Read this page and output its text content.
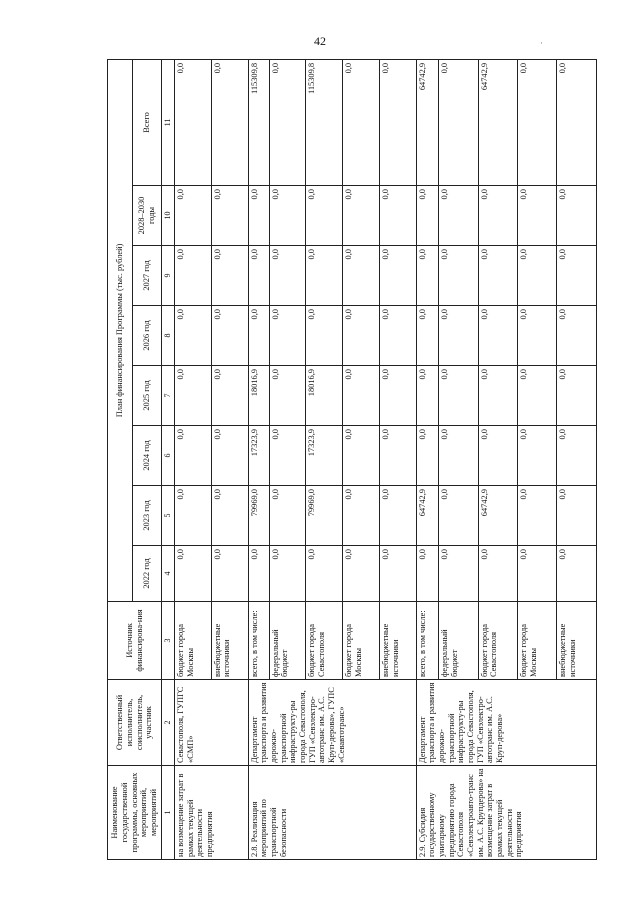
42	·
Наименование государственной программы, основных мероприятий, мероприятий	Ответственный исполнитель, соисполнитель, участник	Источник финансирова-ния	План финансирования Программы (тыс. рублей)							
			2022 год	2023 год	2024 год	2025 год	2026 год	2027 год	2028–2030 годы	Всего
1	2	3	4	5	6	7	8	9	10	11
на возмещение затрат в рамках текущей деятельности предприятия	Севастополя, ГУПГС «СМП»	бюджет города Москвы	0,0	0,0	0,0	0,0	0,0	0,0	0,0	0,0
		внебюджетные источники	0,0	0,0	0,0	0,0	0,0	0,0	0,0	0,0
2.8. Реализация мероприятий по транспортной безопасности	Департамент транспорта и развития дорожно-транспортной инфраструкту-ры города Севастополя, ГУП «Севэлектро-автотранс им. А.С. Круп-дерова», ГУПС «Севавтотранс»	всего, в том числе:	0,0	79969,0	17323,9	18016,9	0,0	0,0	0,0	115309,8
		федеральный бюджет	0,0	0,0	0,0	0,0	0,0	0,0	0,0	0,0
		бюджет города Севастополя	0,0	79969,0	17323,9	18016,9	0,0	0,0	0,0	115309,8
		бюджет города Москвы	0,0	0,0	0,0	0,0	0,0	0,0	0,0	0,0
		внебюджетные источники	0,0	0,0	0,0	0,0	0,0	0,0	0,0	0,0
2.9. Субсидия государственному унитарному предприятию города Севастополя «Севэлектроавто-транс им. А.С. Крупдерова» на возмещение затрат в рамках текущей деятельности предприятия	Департамент транспорта и развития дорожно-транспортной инфраструкту-ры города Севастополя, ГУП «Севэлектро-автотранс им. А.С. Круп-дерова»	всего, в том числе:	0,0	64742,9	0,0	0,0	0,0	0,0	0,0	64742,9
		федеральный бюджет	0,0	0,0	0,0	0,0	0,0	0,0	0,0	0,0
		бюджет города Севастополя	0,0	64742,9	0,0	0,0	0,0	0,0	0,0	64742,9
		бюджет города Москвы	0,0	0,0	0,0	0,0	0,0	0,0	0,0	0,0
		внебюджетные источники	0,0	0,0	0,0	0,0	0,0	0,0	0,0	0,0
